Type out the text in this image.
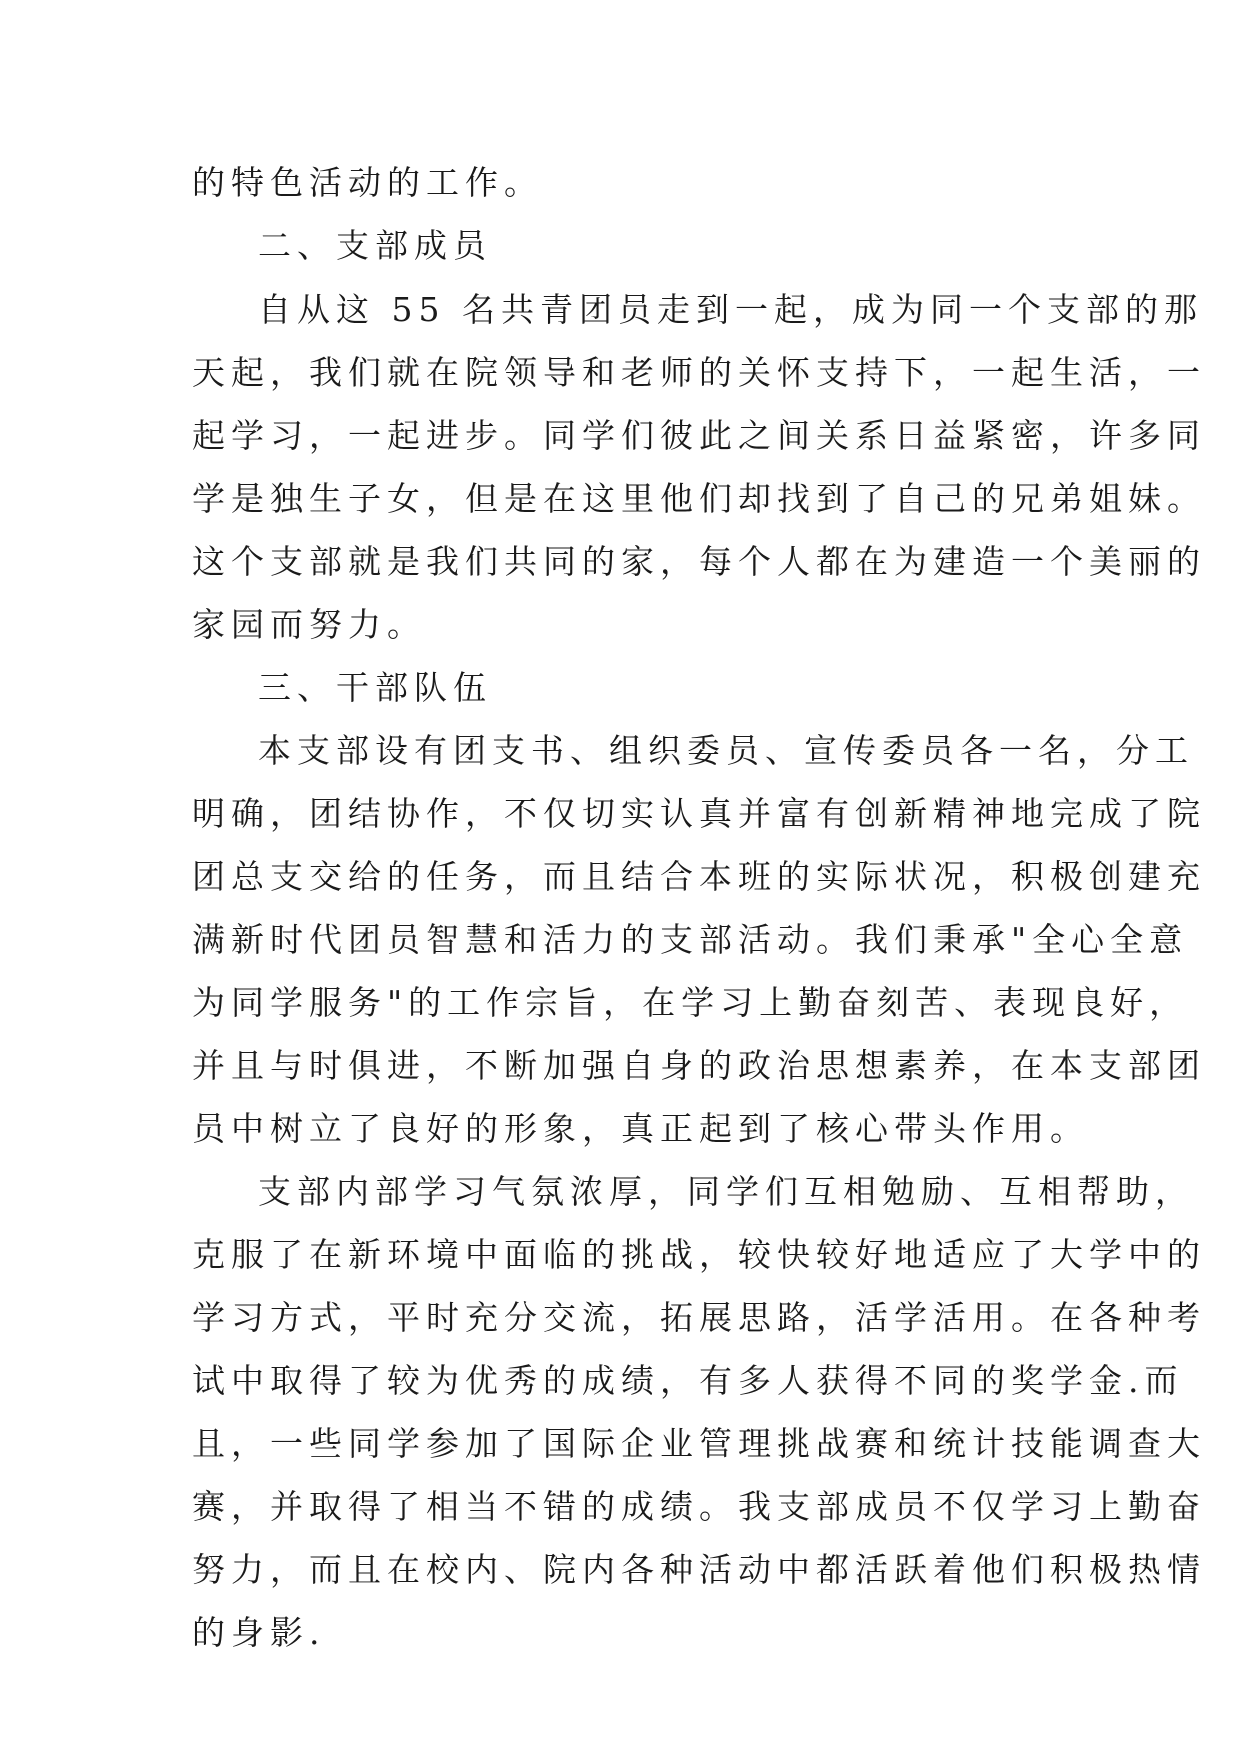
的特色活动的工作。
二、支部成员
自从这 55 名共青团员走到一起，成为同一个支部的那
天起，我们就在院领导和老师的关怀支持下，一起生活，一
起学习，一起进步。同学们彼此之间关系日益紧密，许多同
学是独生子女，但是在这里他们却找到了自己的兄弟姐妹。
这个支部就是我们共同的家，每个人都在为建造一个美丽的
家园而努力。
三、干部队伍
本支部设有团支书、组织委员、宣传委员各一名，分工
明确，团结协作，不仅切实认真并富有创新精神地完成了院
团总支交给的任务，而且结合本班的实际状况，积极创建充
满新时代团员智慧和活力的支部活动。我们秉承"全心全意
为同学服务"的工作宗旨，在学习上勤奋刻苦、表现良好，
并且与时俱进，不断加强自身的政治思想素养，在本支部团
员中树立了良好的形象，真正起到了核心带头作用。
支部内部学习气氛浓厚，同学们互相勉励、互相帮助，
克服了在新环境中面临的挑战，较快较好地适应了大学中的
学习方式，平时充分交流，拓展思路，活学活用。在各种考
试中取得了较为优秀的成绩，有多人获得不同的奖学金.而
且，一些同学参加了国际企业管理挑战赛和统计技能调查大
赛，并取得了相当不错的成绩。我支部成员不仅学习上勤奋
努力，而且在校内、院内各种活动中都活跃着他们积极热情
的身影.
